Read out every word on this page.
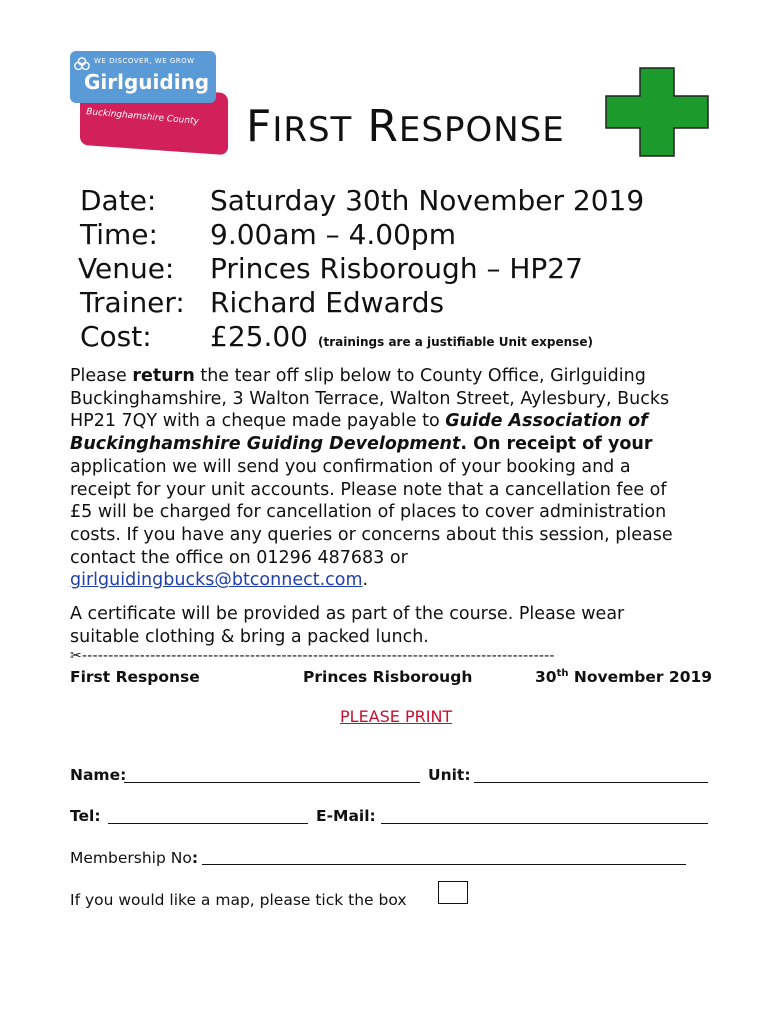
WE DISCOVER, WE GROW
Girlguiding
Buckinghamshire County FIRST RESPONSE
Date: Saturday 30th November 2019
Time: 9.00am – 4.00pm
Venue: Princes Risborough – HP27
Trainer: Richard Edwards
Cost: £25.00 (trainings are a justifiable Unit expense)
Please return the tear off slip below to County Office, Girlguiding
Buckinghamshire, 3 Walton Terrace, Walton Street, Aylesbury, Bucks
HP21 7QY with a cheque made payable to Guide Association of
Buckinghamshire Guiding Development. On receipt of your
application we will send you confirmation of your booking and a
receipt for your unit accounts. Please note that a cancellation fee of
£5 will be charged for cancellation of places to cover administration
costs. If you have any queries or concerns about this session, please
contact the office on 01296 487683 or
girlguidingbucks@btconnect.com.
A certificate will be provided as part of the course. Please wear
suitable clothing & bring a packed lunch.
✂------------------------------------------------------------------------------------------
First Response	Princes Risborough	30th November 2019
PLEASE PRINT
Name:	Unit:
Tel:	E-Mail:
Membership No:
If you would like a map, please tick the box
